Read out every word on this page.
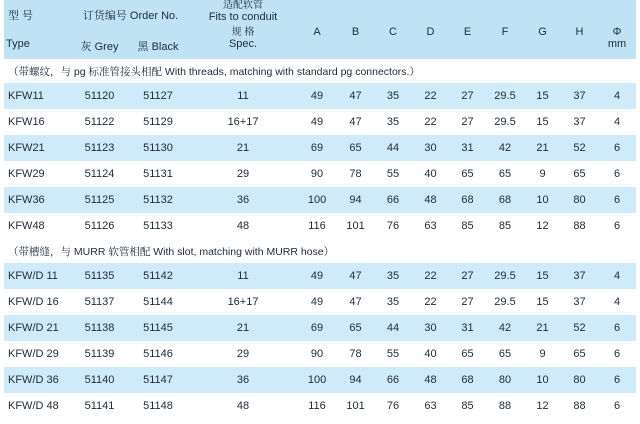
型 号	订货编号 Order No.		适配软管
Fits to conduit	A	B	C	D	E	F	G	H	Φ
			规 格									
Type	灰 Grey	黑 Black	Spec.									mm
（带螺纹，与 pg 标准管接头相配 With threads, matching with standard pg connectors.）												
KFW11	51120	51127	11	49	47	35	22	27	29.5	15	37	4
KFW16	51122	51129	16+17	49	47	35	22	27	29.5	15	37	4
KFW21	51123	51130	21	69	65	44	30	31	42	21	52	6
KFW29	51124	51131	29	90	78	55	40	65	65	9	65	6
KFW36	51125	51132	36	100	94	66	48	68	68	10	80	6
KFW48	51126	51133	48	116	101	76	63	85	85	12	88	6
（带槽缝，与 MURR 软管相配 With slot, matching with MURR hose）												
KFW/D 11	51135	51142	11	49	47	35	22	27	29.5	15	37	4
KFW/D 16	51137	51144	16+17	49	47	35	22	27	29.5	15	37	4
KFW/D 21	51138	51145	21	69	65	44	30	31	42	21	52	6
KFW/D 29	51139	51146	29	90	78	55	40	65	65	9	65	6
KFW/D 36	51140	51147	36	100	94	66	48	68	80	10	80	6
KFW/D 48	51141	51148	48	116	101	76	63	85	88	12	88	6
